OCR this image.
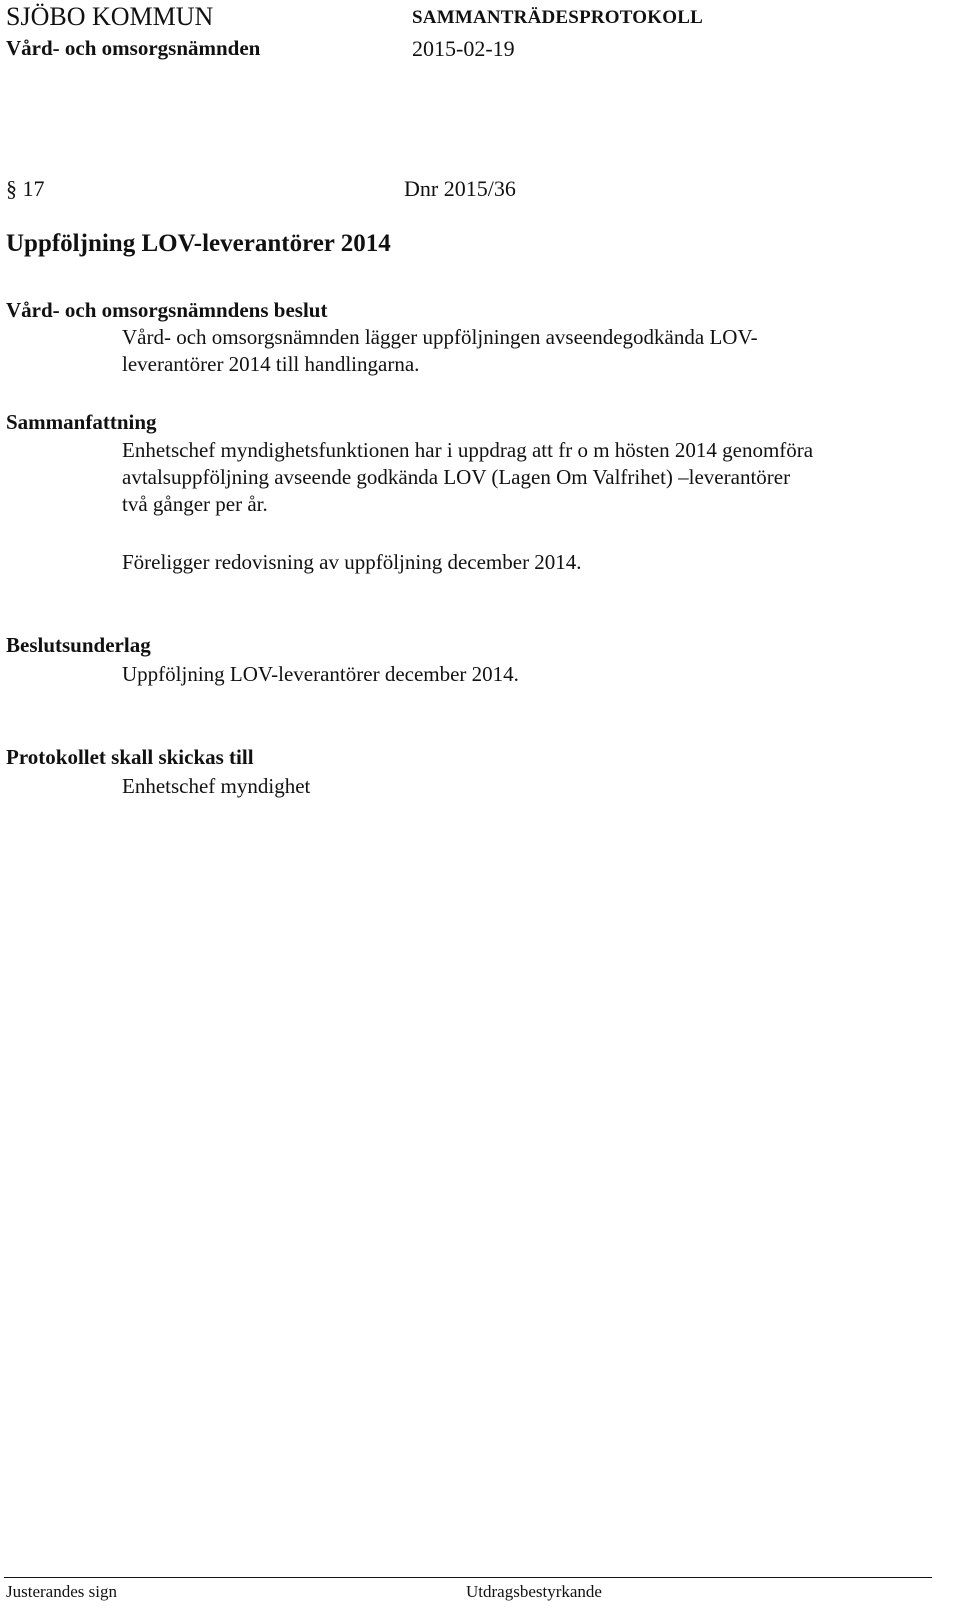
SJÖBO KOMMUN	SAMMANTRÄDESPROTOKOLL
Vård- och omsorgsnämnden	2015-02-19
§ 17	Dnr 2015/36
Uppföljning LOV-leverantörer 2014
Vård- och omsorgsnämndens beslut

Vård- och omsorgsnämnden lägger uppföljningen avseendegodkända LOV-

leverantörer 2014 till handlingarna.

Sammanfattning

Enhetschef myndighetsfunktionen har i uppdrag att fr o m hösten 2014 genomföra

avtalsuppföljning avseende godkända LOV (Lagen Om Valfrihet) –leverantörer

två gånger per år.

Föreligger redovisning av uppföljning december 2014.

Beslutsunderlag

Uppföljning LOV-leverantörer december 2014.

Protokollet skall skickas till

Enhetschef myndighet

Justerandes sign	Utdragsbestyrkande
